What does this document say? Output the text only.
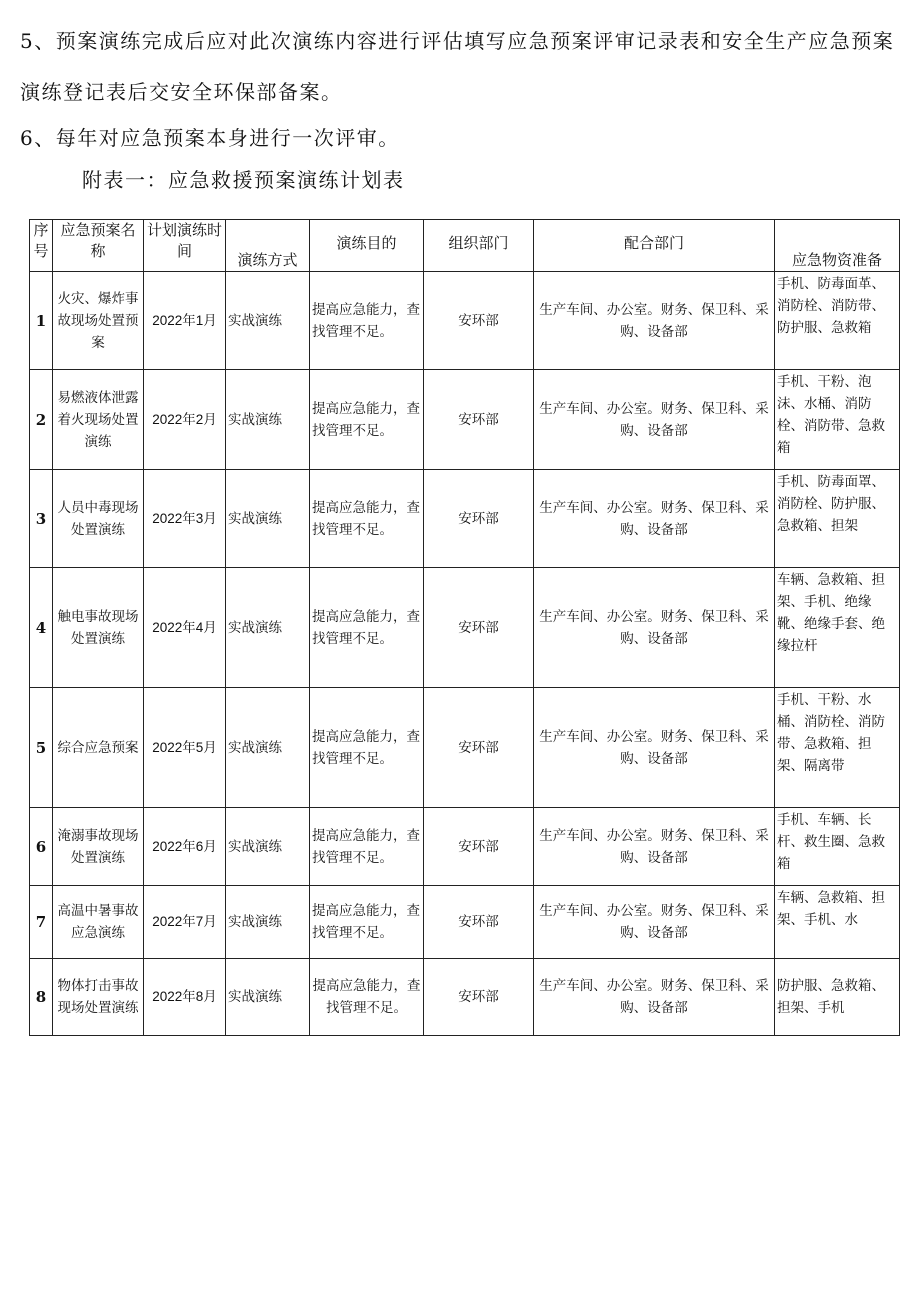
5、预案演练完成后应对此次演练内容进行评估填写应急预案评审记录表和安全生产应急预案
演练登记表后交安全环保部备案。
6、每年对应急预案本身进行一次评审。
附表一：应急救援预案演练计划表
序号	应急预案名称	计划演练时间	演练方式	演练目的	组织部门	配合部门	应急物资准备
1	火灾、爆炸事故现场处置预案	2022年1月	实战演练	提高应急能力，查找管理不足。	安环部	生产车间、办公室。财务、保卫科、采购、设备部	手机、防毒面革、消防栓、消防带、防护服、急救箱
2	易燃液体泄露着火现场处置演练	2022年2月	实战演练	提高应急能力，查找管理不足。	安环部	生产车间、办公室。财务、保卫科、采购、设备部	手机、干粉、泡沫、水桶、消防栓、消防带、急救箱
3	人员中毒现场处置演练	2022年3月	实战演练	提高应急能力，查找管理不足。	安环部	生产车间、办公室。财务、保卫科、采购、设备部	手机、防毒面罩、消防栓、防护服、急救箱、担架
4	触电事故现场处置演练	2022年4月	实战演练	提高应急能力，查找管理不足。	安环部	生产车间、办公室。财务、保卫科、采购、设备部	车辆、急救箱、担架、手机、绝缘靴、绝缘手套、绝缘拉杆
5	综合应急预案	2022年5月	实战演练	提高应急能力，查找管理不足。	安环部	生产车间、办公室。财务、保卫科、采购、设备部	手机、干粉、水桶、消防栓、消防带、急救箱、担架、隔离带
6	淹溺事故现场处置演练	2022年6月	实战演练	提高应急能力，查找管理不足。	安环部	生产车间、办公室。财务、保卫科、采购、设备部	手机、车辆、长杆、救生圈、急救箱
7	高温中暑事故应急演练	2022年7月	实战演练	提高应急能力，查找管理不足。	安环部	生产车间、办公室。财务、保卫科、采购、设备部	车辆、急救箱、担架、手机、水
8	物体打击事故现场处置演练	2022年8月	实战演练	提高应急能力，查找管理不足。	安环部	生产车间、办公室。财务、保卫科、采购、设备部	防护服、急救箱、担架、手机
